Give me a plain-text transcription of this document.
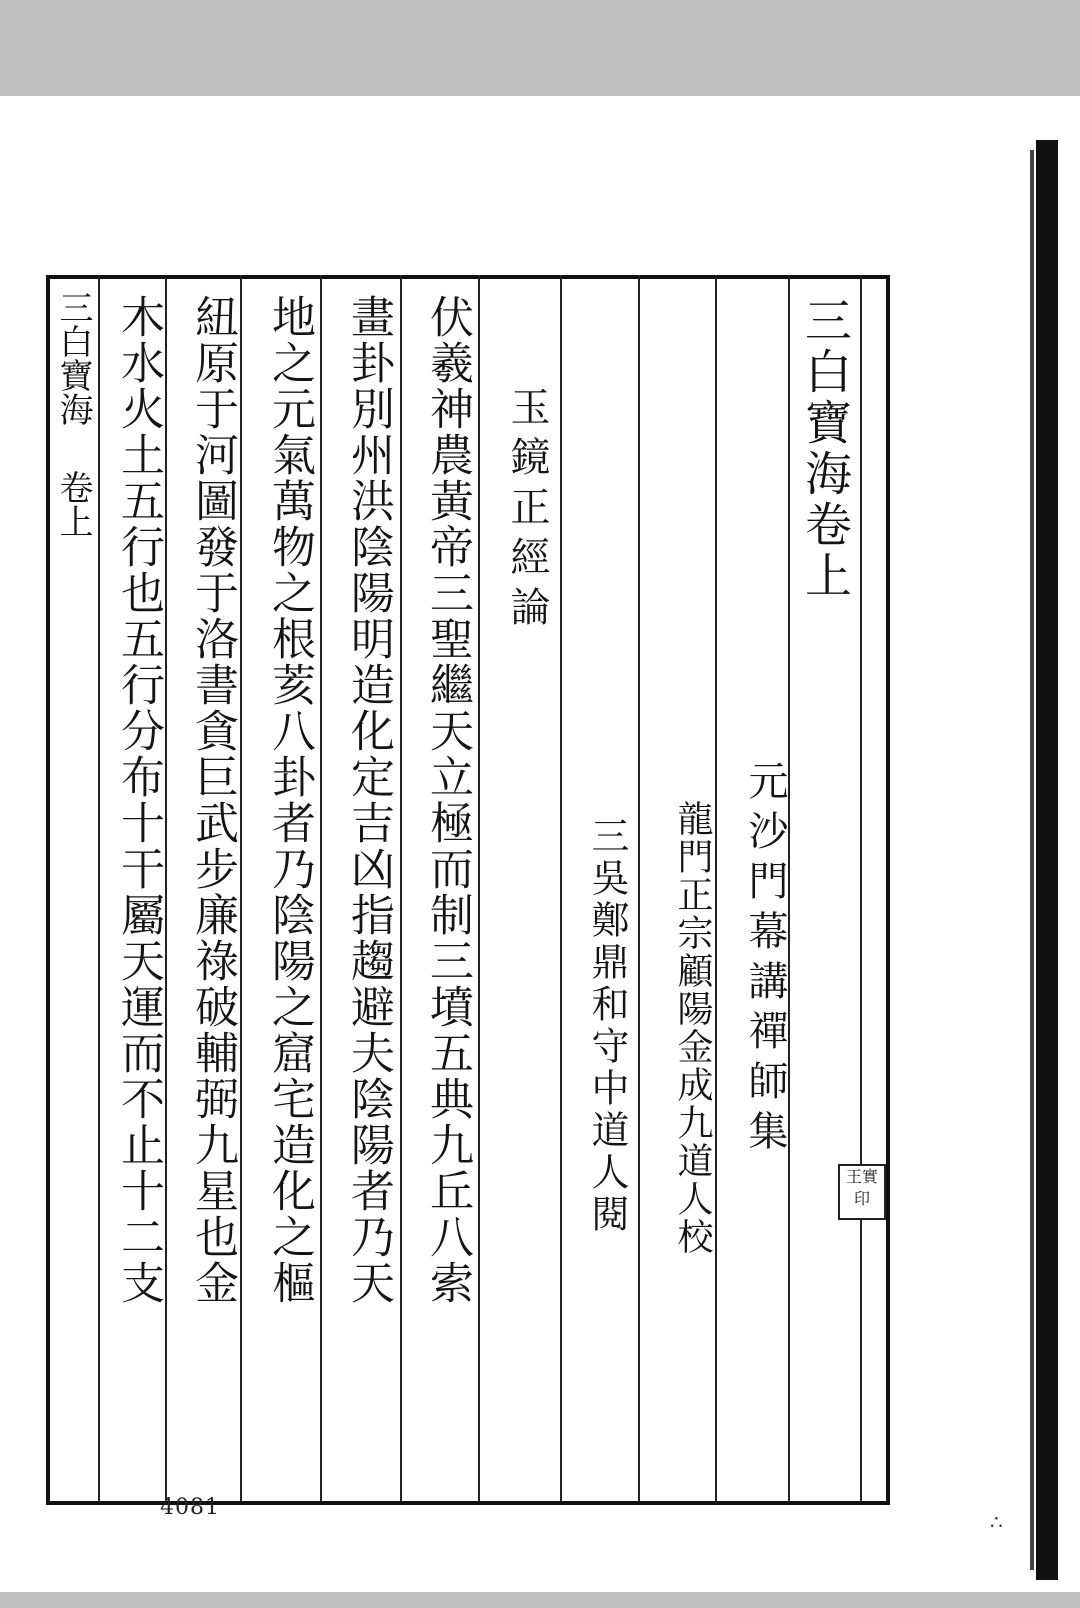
三白寶海卷上
元沙門幕講禪師集
龍門正宗顧陽金成九道人校
三吳鄭鼎和守中道人閱
玉鏡正經論
伏羲神農黃帝三聖繼天立極而制三墳五典九丘八索
畫卦別州洪陰陽明造化定吉凶指趨避夫陰陽者乃天
地之元氣萬物之根荄八卦者乃陰陽之窟宅造化之樞
紐原于河圖發于洛書貪巨武步廉祿破輔弼九星也金
木水火土五行也五行分布十干屬天運而不止十二支
三白寶海
卷上
王實印
4081
∴
